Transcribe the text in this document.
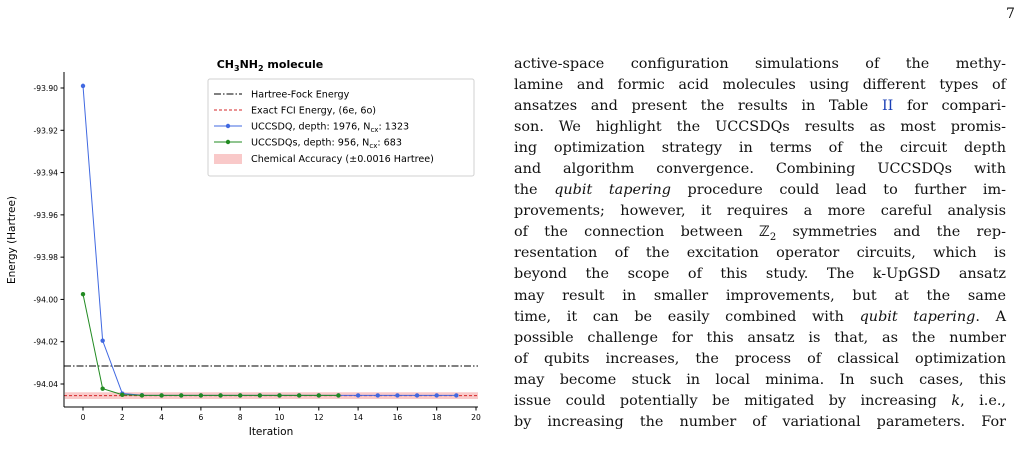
7
$CH_3NH_2$ molecule
-93.90
-93.92
-93.94
-93.96
-93.98
-94.00
-94.02
-94.04
0	2	4	6	8	10	12	14	16	18	20
Iteration
Energy (Hartree)
Hartree-Fock Energy
Exact FCI Energy, (6e, 6o)
UCCSDQ, depth: 1976, $N_{cx}$: 1323
UCCSDQs, depth: 956, $N_{cx}$: 683
Chemical Accuracy (±0.0016 Hartree)
active-space configuration simulations of the methy-
lamine and formic acid molecules using different types of
ansatzes and present the results in Table II for compari-
son. We highlight the UCCSDQs results as most promis-
ing optimization strategy in terms of the circuit depth
and algorithm convergence. Combining UCCSDQs with
the qubit tapering procedure could lead to further im-
provements; however, it requires a more careful analysis
of the connection between ℤ$_2$ symmetries and the rep-
resentation of the excitation operator circuits, which is
beyond the scope of this study. The k-UpGSD ansatz
may result in smaller improvements, but at the same
time, it can be easily combined with qubit tapering. A
possible challenge for this ansatz is that, as the number
of qubits increases, the process of classical optimization
may become stuck in local minima. In such cases, this
issue could potentially be mitigated by increasing k, i.e.,
by increasing the number of variational parameters. For
